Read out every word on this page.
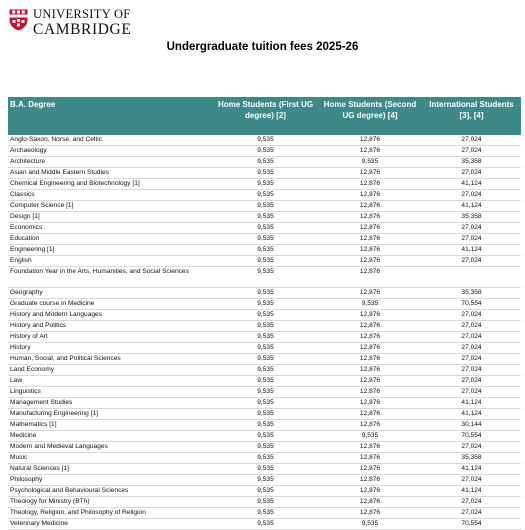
UNIVERSITY OF
CAMBRIDGE
Undergraduate tuition fees 2025-26
B.A. Degree	Home Students (First UG degree) [2]	Home Students (Second UG degree) [4]	International Students [3], [4]
Anglo-Saxon, Norse, and Celtic	9,535	12,876	27,024
Archaeology	9,535	12,876	27,024
Architecture	9,535	9,535	35,358
Asian and Middle Eastern Studies	9,535	12,876	27,024
Chemical Engineering and Biotechnology [1]	9,535	12,876	41,124
Classics	9,535	12,876	27,024
Computer Science [1]	9,535	12,876	41,124
Design [1]	9,535	12,876	35,358
Economics	9,535	12,876	27,024
Education	9,535	12,876	27,024
Engineering [1]	9,535	12,876	41,124
English	9,535	12,876	27,024
Foundation Year in the Arts, Humanities, and Social Sciences	9,535	12,876	
Geography	9,535	12,876	35,358
Graduate course in Medicine	9,535	9,535	70,554
History and Modern Languages	9,535	12,876	27,024
History and Politics	9,535	12,876	27,024
History of Art	9,535	12,876	27,024
History	9,535	12,876	27,024
Human, Social, and Political Sciences	9,535	12,876	27,024
Land Economy	9,535	12,876	27,024
Law	9,535	12,876	27,024
Linguistics	9,535	12,876	27,024
Management Studies	9,535	12,876	41,124
Manufacturing Engineering [1]	9,535	12,876	41,124
Mathematics [1]	9,535	12,876	30,144
Medicine	9,535	9,535	70,554
Modern and Medieval Languages	9,535	12,876	27,024
Music	9,535	12,876	35,358
Natural Sciences [1]	9,535	12,876	41,124
Philosophy	9,535	12,876	27,024
Psychological and Behavioural Sciences	9,535	12,876	41,124
Theology for Ministry (BTh)	9,535	12,876	27,024
Theology, Religion, and Philosophy of Religion	9,535	12,876	27,024
Veterinary Medicine	9,535	9,535	70,554
